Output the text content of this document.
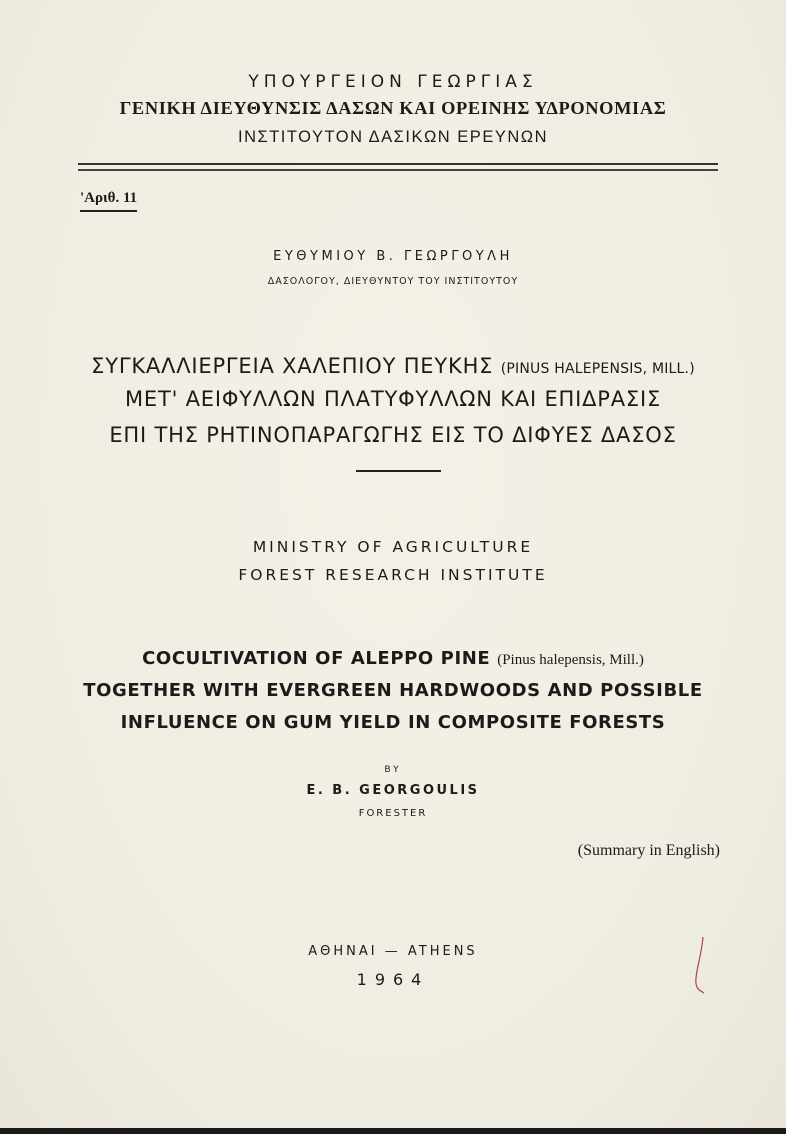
ΥΠΟΥΡΓΕΙΟΝ ΓΕΩΡΓΙΑΣ
ΓΕΝΙΚΗ ΔΙΕΥΘΥΝΣΙΣ ΔΑΣΩΝ ΚΑΙ ΟΡΕΙΝΗΣ ΥΔΡΟΝΟΜΙΑΣ
ΙΝΣΤΙΤΟΥΤΟΝ ΔΑΣΙΚΩΝ ΕΡΕΥΝΩΝ
'Αριθ. 11
ΕΥΘΥΜΙΟΥ Β. ΓΕΩΡΓΟΥΛΗ
ΔΑΣΟΛΟΓΟΥ, ΔΙΕΥΘΥΝΤΟΥ ΤΟΥ ΙΝΣΤΙΤΟΥΤΟΥ
ΣΥΓΚΑΛΛΙΕΡΓΕΙΑ ΧΑΛΕΠΙΟΥ ΠΕΥΚΗΣ (PINUS HALEPENSIS, MILL.)
ΜΕΤ' ΑΕΙΦΥΛΛΩΝ ΠΛΑΤΥΦΥΛΛΩΝ ΚΑΙ ΕΠΙΔΡΑΣΙΣ
ΕΠΙ ΤΗΣ ΡΗΤΙΝΟΠΑΡΑΓΩΓΗΣ ΕΙΣ ΤΟ ΔΙΦΥΕΣ ΔΑΣΟΣ
MINISTRY OF AGRICULTURE
FOREST RESEARCH INSTITUTE
COCULTIVATION OF ALEPPO PINE (Pinus halepensis, Mill.)
TOGETHER WITH EVERGREEN HARDWOODS AND POSSIBLE
INFLUENCE ON GUM YIELD IN COMPOSITE FORESTS
BY
E. B. GEORGOULIS
FORESTER
(Summary in English)
ΑΘΗΝΑΙ — ATHENS
1964
